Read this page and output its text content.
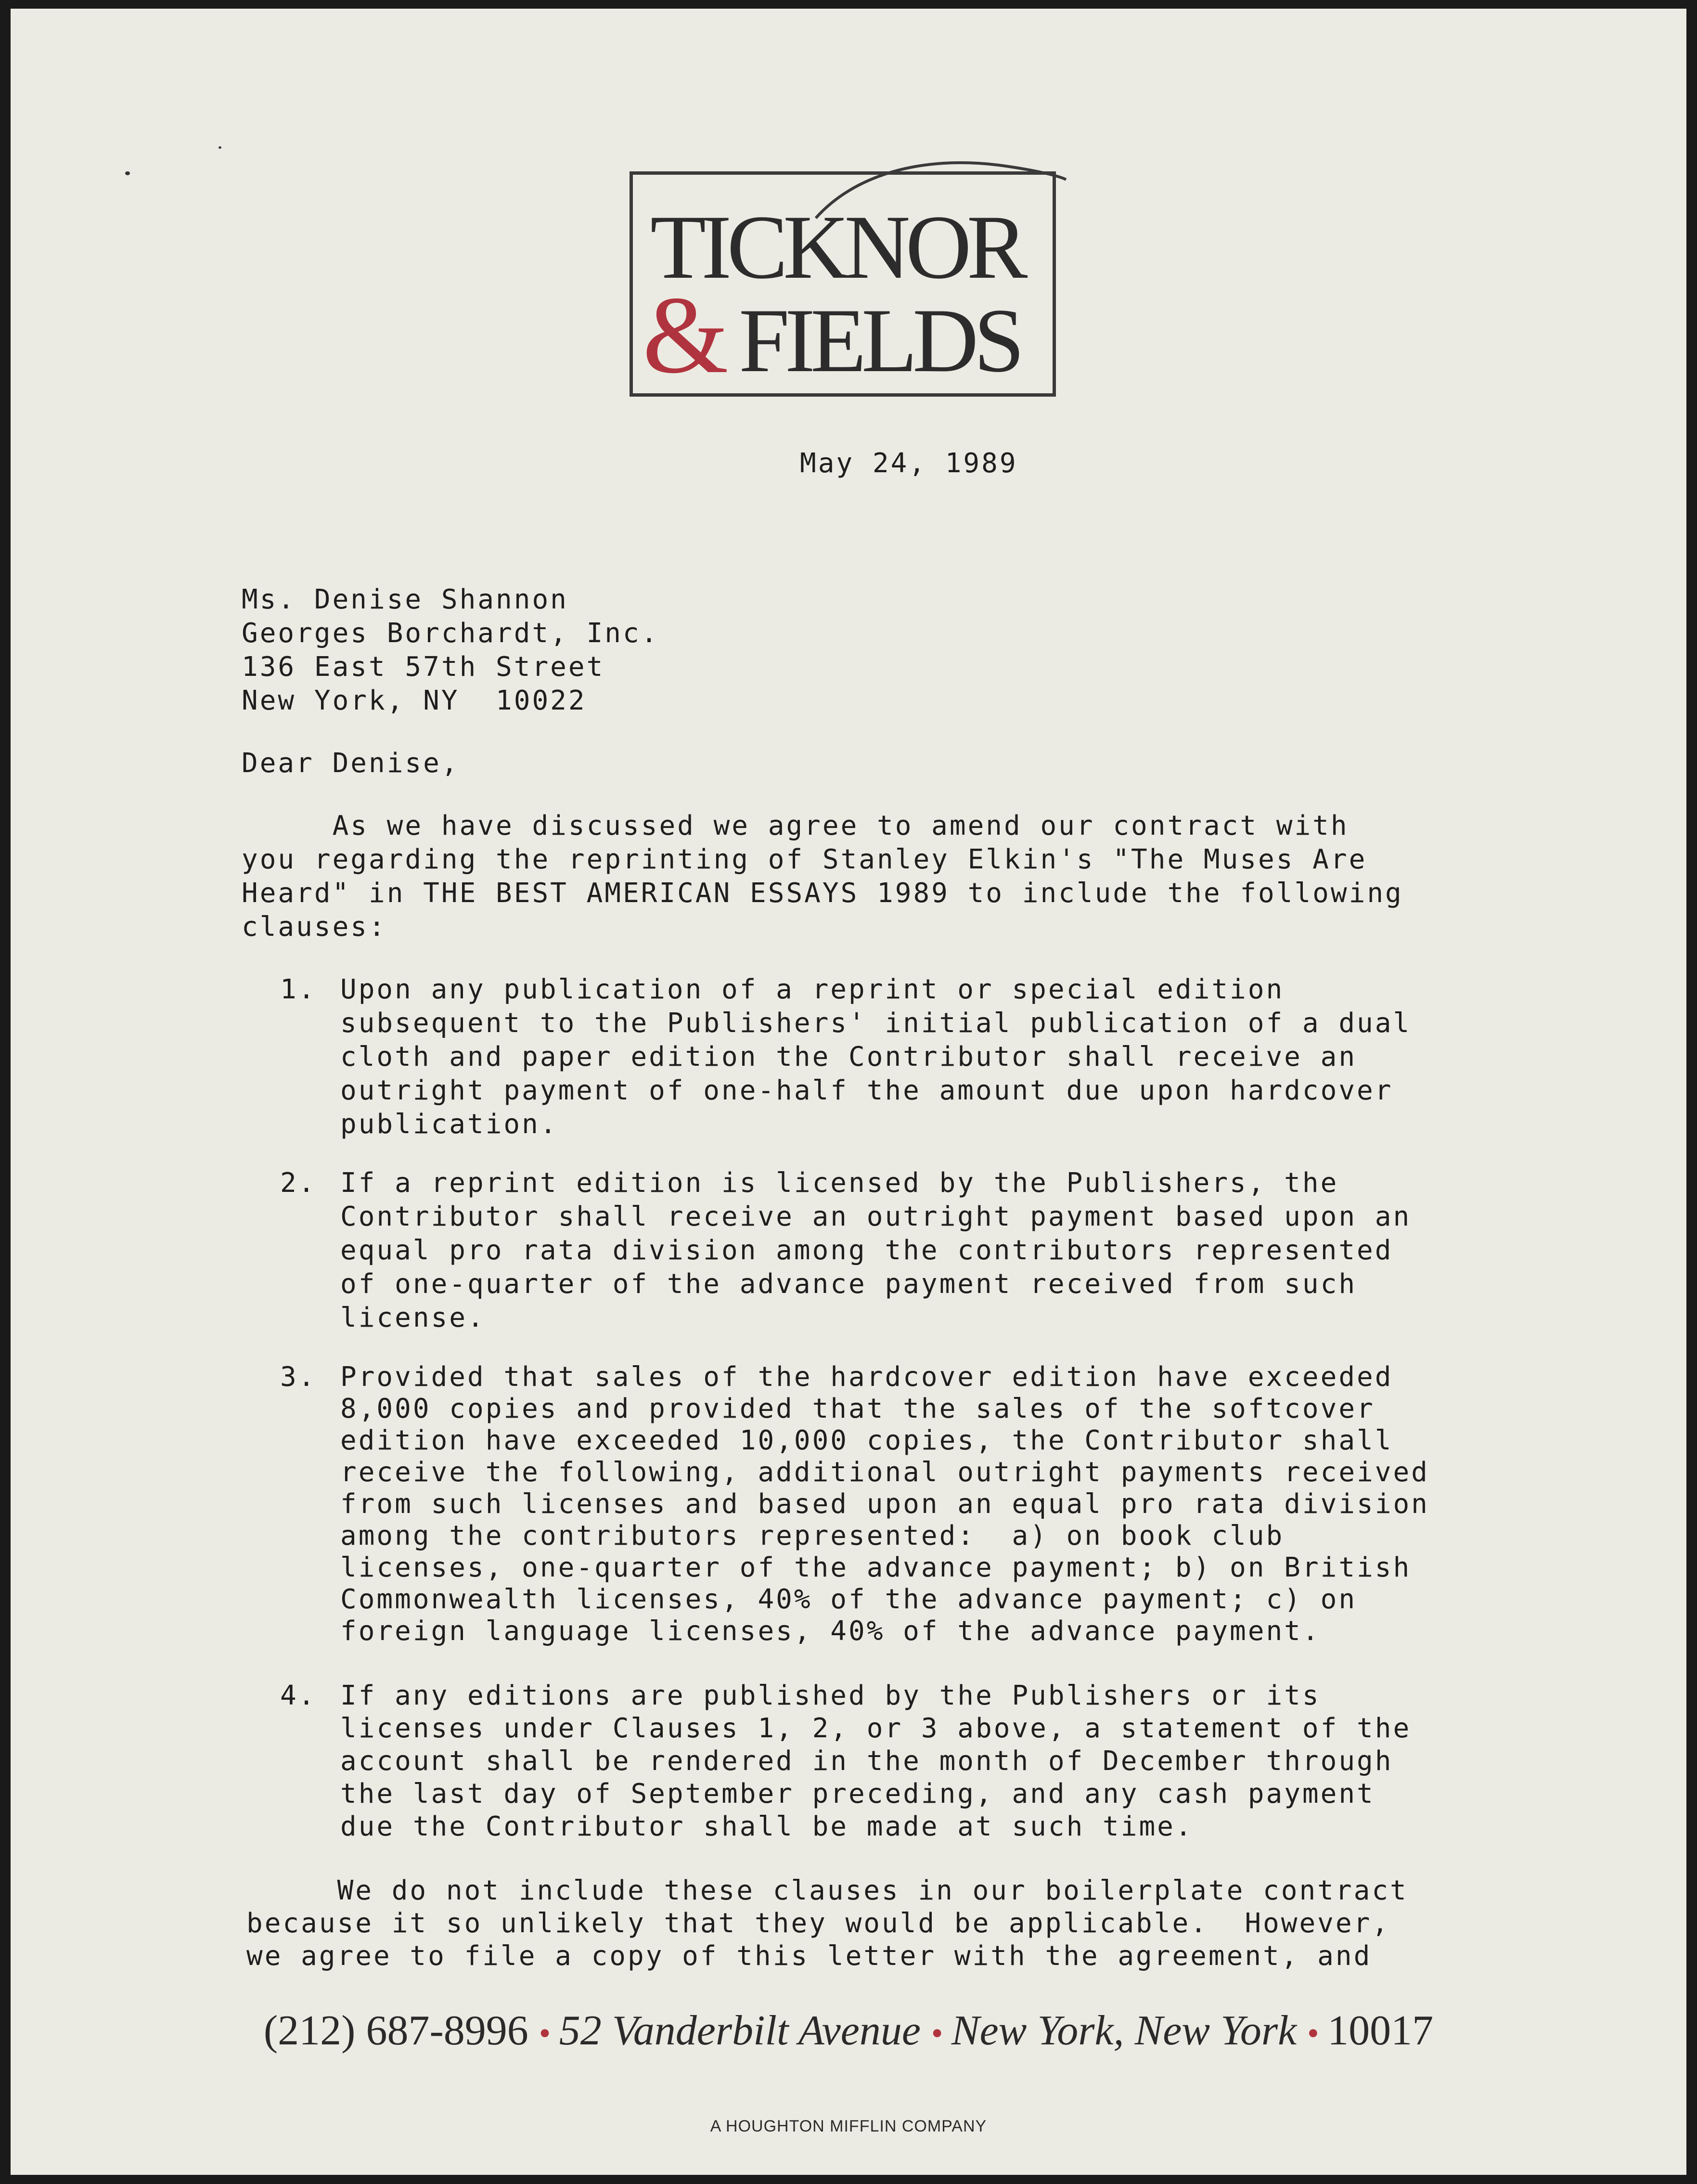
TICKNOR
& FIELDS
May 24, 1989
Ms. Denise Shannon
Georges Borchardt, Inc.
136 East 57th Street
New York, NY  10022
Dear Denise,
As we have discussed we agree to amend our contract with
you regarding the reprinting of Stanley Elkin's "The Muses Are
Heard" in THE BEST AMERICAN ESSAYS 1989 to include the following
clauses:
1. Upon any publication of a reprint or special edition
subsequent to the Publishers' initial publication of a dual
cloth and paper edition the Contributor shall receive an
outright payment of one-half the amount due upon hardcover
publication.
2. If a reprint edition is licensed by the Publishers, the
Contributor shall receive an outright payment based upon an
equal pro rata division among the contributors represented
of one-quarter of the advance payment received from such
license.
3. Provided that sales of the hardcover edition have exceeded
8,000 copies and provided that the sales of the softcover
edition have exceeded 10,000 copies, the Contributor shall
receive the following, additional outright payments received
from such licenses and based upon an equal pro rata division
among the contributors represented:  a) on book club
licenses, one-quarter of the advance payment; b) on British
Commonwealth licenses, 40% of the advance payment; c) on
foreign language licenses, 40% of the advance payment.
4. If any editions are published by the Publishers or its
licenses under Clauses 1, 2, or 3 above, a statement of the
account shall be rendered in the month of December through
the last day of September preceding, and any cash payment
due the Contributor shall be made at such time.
We do not include these clauses in our boilerplate contract
because it so unlikely that they would be applicable.  However,
we agree to file a copy of this letter with the agreement, and
(212) 687-8996 • 52 Vanderbilt Avenue • New York, New York • 10017
A HOUGHTON MIFFLIN COMPANY
